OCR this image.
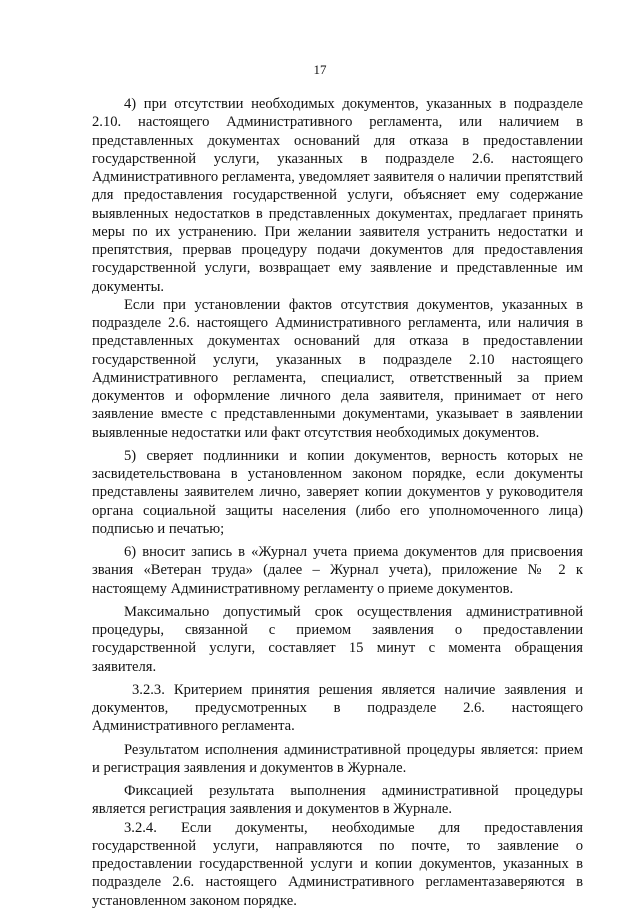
17

4) при отсутствии необходимых документов, указанных в подразделе 2.10. настоящего Административного регламента, или наличием в представленных документах оснований для отказа в предоставлении государственной услуги, указанных в подразделе 2.6. настоящего Административного регламента, уведомляет заявителя о наличии препятствий для предоставления государственной услуги, объясняет ему содержание выявленных недостатков в представленных документах, предлагает принять меры по их устранению. При желании заявителя устранить недостатки и препятствия, прервав процедуру подачи документов для предоставления государственной услуги, возвращает ему заявление и представленные им документы.

Если при установлении фактов отсутствия документов, указанных в подразделе 2.6. настоящего Административного регламента, или наличия в представленных документах оснований для отказа в предоставлении государственной услуги, указанных в подразделе 2.10 настоящего Административного регламента, специалист, ответственный за прием документов и оформление личного дела заявителя, принимает от него заявление вместе с представленными документами, указывает в заявлении выявленные недостатки или факт отсутствия необходимых документов.

5) сверяет подлинники и копии документов, верность которых не засвидетельствована в установленном законом порядке, если документы представлены заявителем лично, заверяет копии документов у руководителя органа социальной защиты населения (либо его уполномоченного лица) подписью и печатью;

6) вносит запись в «Журнал учета приема документов для присвоения звания «Ветеран труда» (далее – Журнал учета), приложение № 2 к настоящему Административному регламенту о приеме документов.

Максимально допустимый срок осуществления административной процедуры, связанной с приемом заявления о предоставлении государственной услуги, составляет 15 минут с момента обращения заявителя.

3.2.3. Критерием принятия решения является наличие заявления и документов, предусмотренных в подразделе 2.6. настоящего Административного регламента.

Результатом исполнения административной процедуры является: прием и регистрация заявления и документов в Журнале.

Фиксацией результата выполнения административной процедуры является регистрация заявления и документов в Журнале.

3.2.4. Если документы, необходимые для предоставления государственной услуги, направляются по почте, то заявление о предоставлении государственной услуги и копии документов, указанных в подразделе 2.6. настоящего Административного регламентазаверяются в установленном законом порядке.
